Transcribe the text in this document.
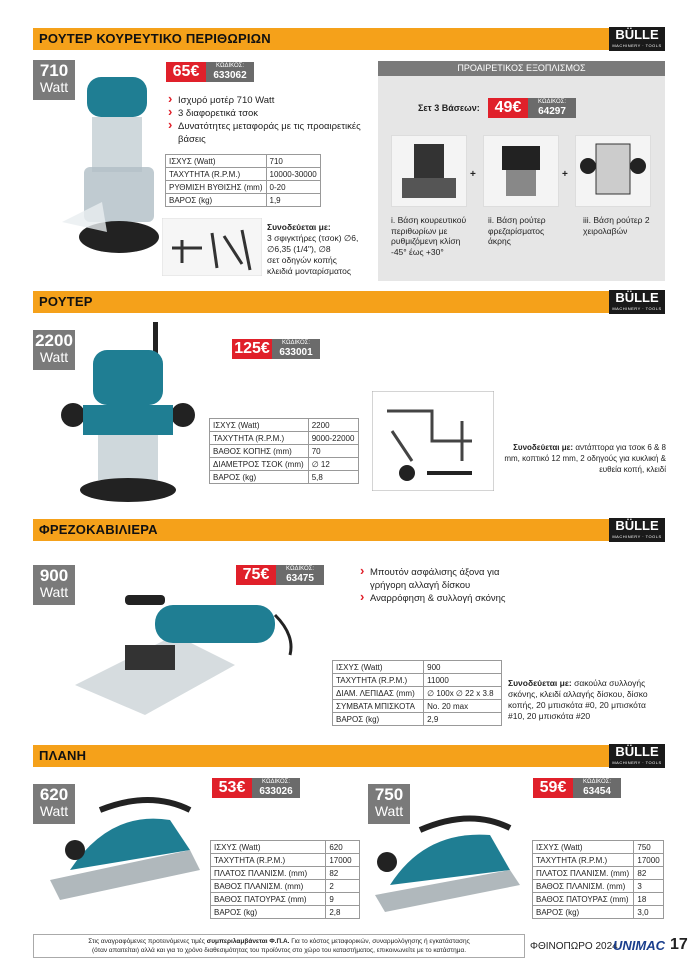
ΡΟΥΤΕΡ ΚΟΥΡΕΥΤΙΚΟ ΠΕΡΙΘΩΡΙΩΝ	BÜLLE
MACHINERY · TOOLS
710
Watt
65€	ΚΩΔΙΚΟΣ:
633062
› Ισχυρό μοτέρ 710 Watt
› 3 διαφορετικά τσοκ
› Δυνατότητες μεταφοράς με τις προαιρετικές βάσεις
ΙΣΧΥΣ (Watt)	710
ΤΑΧΥΤΗΤΑ (R.P.M.)	10000-30000
ΡΥΘΜΙΣΗ ΒΥΘΙΣΗΣ (mm)	0-20
ΒΑΡΟΣ (kg)	1,9
Συνοδεύεται με:
3 σφιγκτήρες (τσοκ) ∅6, ∅6,35 (1/4"), ∅8
σετ οδηγών κοπής
κλειδιά μονταρίσματος
ΠΡΟΑΙΡΕΤΙΚΟΣ ΕΞΟΠΛΙΣΜΟΣ
Σετ 3 Βάσεων: 49€	ΚΩΔΙΚΟΣ:
64297
+	+
i. Βάση κουρευτικού περιθωρίων με ρυθμιζόμενη κλίση -45° έως +30°
ii. Βάση ρούτερ φρεζαρίσματος άκρης
iii. Βάση ρούτερ 2 χειρολαβών
ΡΟΥΤΕΡ	BÜLLE
MACHINERY · TOOLS
2200
Watt	125€	ΚΩΔΙΚΟΣ:
633001
ΙΣΧΥΣ (Watt)	2200
ΤΑΧΥΤΗΤΑ (R.P.M.)	9000-22000
ΒΑΘΟΣ ΚΟΠΗΣ (mm)	70
ΔΙΑΜΕΤΡΟΣ ΤΣΟΚ (mm)	∅ 12
ΒΑΡΟΣ (kg)	5,8
Συνοδεύεται με: αντάπτορα για τσοκ 6 & 8 mm, κοπτικό 12 mm, 2 οδηγούς για κυκλική & ευθεία κοπή, κλειδί
ΦΡΕΖΟΚΑΒΙΛΙΕΡΑ	BÜLLE
MACHINERY · TOOLS
900
Watt
75€	ΚΩΔΙΚΟΣ:
63475
› Μπουτόν ασφάλισης άξονα για γρήγορη αλλαγή δίσκου
› Αναρρόφηση & συλλογή σκόνης
ΙΣΧΥΣ (Watt)	900
ΤΑΧΥΤΗΤΑ (R.P.M.)	11000
ΔΙΑΜ. ΛΕΠΙΔΑΣ (mm)	∅ 100x ∅ 22 x 3.8
ΣΥΜΒΑΤΑ ΜΠΙΣΚΟΤΑ	No. 20 max
ΒΑΡΟΣ (kg)	2,9
Συνοδεύεται με: σακούλα συλλογής σκόνης, κλειδί αλλαγής δίσκου, δίσκο κοπής, 20 μπισκότα #0, 20 μπισκότα #10, 20 μπισκότα #20
ΠΛΑΝΗ	BÜLLE
MACHINERY · TOOLS
620
Watt
53€	ΚΩΔΙΚΟΣ:
633026
ΙΣΧΥΣ (Watt)	620
ΤΑΧΥΤΗΤΑ (R.P.M.)	17000
ΠΛΑΤΟΣ ΠΛΑΝΙΣΜ. (mm)	82
ΒΑΘΟΣ ΠΛΑΝΙΣΜ. (mm)	2
ΒΑΘΟΣ ΠΑΤΟΥΡΑΣ (mm)	9
ΒΑΡΟΣ (kg)	2,8
750
Watt
59€	ΚΩΔΙΚΟΣ:
63454
ΙΣΧΥΣ (Watt)	750
ΤΑΧΥΤΗΤΑ (R.P.M.)	17000
ΠΛΑΤΟΣ ΠΛΑΝΙΣΜ. (mm)	82
ΒΑΘΟΣ ΠΛΑΝΙΣΜ. (mm)	3
ΒΑΘΟΣ ΠΑΤΟΥΡΑΣ (mm)	18
ΒΑΡΟΣ (kg)	3,0
Στις αναγραφόμενες προτεινόμενες τιμές συμπεριλαμβάνεται Φ.Π.Α. Για το κόστος μεταφορικών, συναρμολόγησης ή εγκατάστασης
(όταν απαιτείται) αλλά και για το χρόνο διαθεσιμότητας του προϊόντος στο χώρο του καταστήματος, επικοινωνείτε με το κατάστημα.	ΦΘΙΝΟΠΩΡΟ 2024
UNIMAC 17
